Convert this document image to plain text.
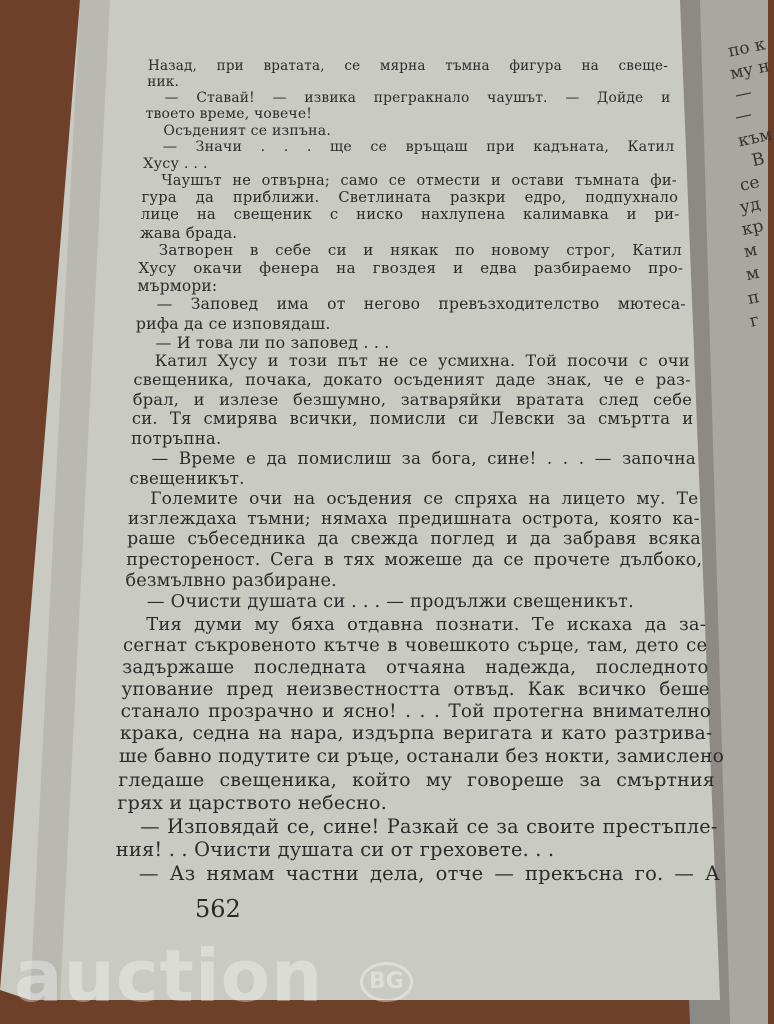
Назад, при вратата, се мярна тъмна фигура на свеще-
ник.
— Ставай! — извика прегракнало чаушът. — Дойде и
твоето време, човече!
Осъденият се изпъна.
— Значи . . . ще се връщаш при кадъната, Катил
Хусу . . .
Чаушът не отвърна; само се отмести и остави тъмната фи-
гура да приближи. Светлината разкри едро, подпухнало
лице на свещеник с ниско нахлупена калимавка и ри-
жава брада.
Затворен в себе си и някак по новому строг, Катил
Хусу окачи фенера на гвоздея и едва разбираемо про-
мърмори:
— Заповед има от негово превъзходителство мютеса-
рифа да се изповядаш.
— И това ли по заповед . . .
Катил Хусу и този път не се усмихна. Той посочи с очи
свещеника, почака, докато осъденият даде знак, че е раз-
брал, и излезе безшумно, затваряйки вратата след себе
си. Тя смирява всички, помисли си Левски за смъртта и
потръпна.
— Време е да помислиш за бога, сине! . . . — започна
свещеникът.
Големите очи на осъдения се спряха на лицето му. Те
изглеждаха тъмни; нямаха предишната острота, която ка-
раше събеседника да свежда поглед и да забравя всяка
престореност. Сега в тях можеше да се прочете дълбоко,
безмълвно разбиране.
— Очисти душата си . . . — продължи свещеникът.
Тия думи му бяха отдавна познати. Те искаха да за-
сегнат съкровеното кътче в човешкото сърце, там, дето се
задържаше последната отчаяна надежда, последното
упование пред неизвестността отвъд. Как всичко беше
станало прозрачно и ясно! . . . Той протегна внимателно
крака, седна на нара, издърпа веригата и като разтрива-
ше бавно подутите си ръце, останали без нокти, замислено
гледаше свещеника, който му говореше за смъртния
грях и царството небесно.
— Изповядай се, сине! Разкай се за своите престъпле-
ния! . . Очисти душата си от греховете. . .
— Аз нямам частни дела, отче — прекъсна го. — А
по к
му н
—
—
към
В
се
уд
кр
м
м
п
г
562
auction	BG
